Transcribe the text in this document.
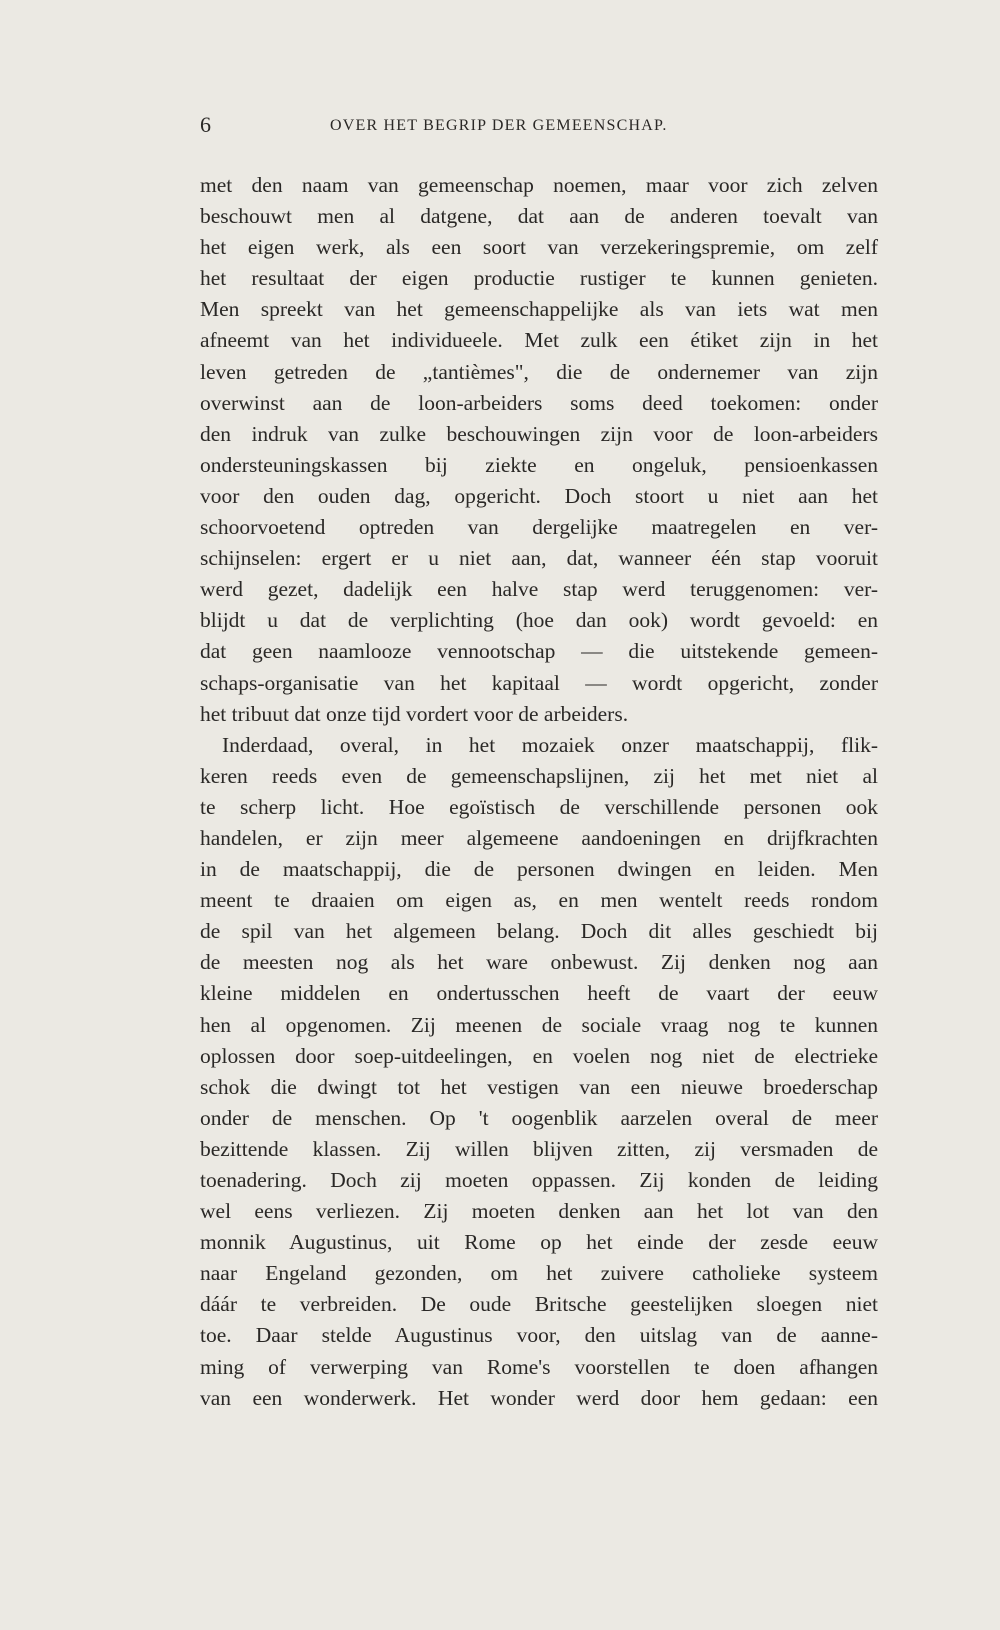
6	OVER HET BEGRIP DER GEMEENSCHAP.
met den naam van gemeenschap noemen, maar voor zich zelven
beschouwt men al datgene, dat aan de anderen toevalt van
het eigen werk, als een soort van verzekeringspremie, om zelf
het resultaat der eigen productie rustiger te kunnen genieten.
Men spreekt van het gemeenschappelijke als van iets wat men
afneemt van het individueele. Met zulk een étiket zijn in het
leven getreden de „tantièmes", die de ondernemer van zijn
overwinst aan de loon-arbeiders soms deed toekomen: onder
den indruk van zulke beschouwingen zijn voor de loon-arbeiders
ondersteuningskassen bij ziekte en ongeluk, pensioenkassen
voor den ouden dag, opgericht. Doch stoort u niet aan het
schoorvoetend optreden van dergelijke maatregelen en ver-
schijnselen: ergert er u niet aan, dat, wanneer één stap vooruit
werd gezet, dadelijk een halve stap werd teruggenomen: ver-
blijdt u dat de verplichting (hoe dan ook) wordt gevoeld: en
dat geen naamlooze vennootschap — die uitstekende gemeen-
schaps-organisatie van het kapitaal — wordt opgericht, zonder
het tribuut dat onze tijd vordert voor de arbeiders.
Inderdaad, overal, in het mozaiek onzer maatschappij, flik-
keren reeds even de gemeenschapslijnen, zij het met niet al
te scherp licht. Hoe egoïstisch de verschillende personen ook
handelen, er zijn meer algemeene aandoeningen en drijfkrachten
in de maatschappij, die de personen dwingen en leiden. Men
meent te draaien om eigen as, en men wentelt reeds rondom
de spil van het algemeen belang. Doch dit alles geschiedt bij
de meesten nog als het ware onbewust. Zij denken nog aan
kleine middelen en ondertusschen heeft de vaart der eeuw
hen al opgenomen. Zij meenen de sociale vraag nog te kunnen
oplossen door soep-uitdeelingen, en voelen nog niet de electrieke
schok die dwingt tot het vestigen van een nieuwe broederschap
onder de menschen. Op 't oogenblik aarzelen overal de meer
bezittende klassen. Zij willen blijven zitten, zij versmaden de
toenadering. Doch zij moeten oppassen. Zij konden de leiding
wel eens verliezen. Zij moeten denken aan het lot van den
monnik Augustinus, uit Rome op het einde der zesde eeuw
naar Engeland gezonden, om het zuivere catholieke systeem
dáár te verbreiden. De oude Britsche geestelijken sloegen niet
toe. Daar stelde Augustinus voor, den uitslag van de aanne-
ming of verwerping van Rome's voorstellen te doen afhangen
van een wonderwerk. Het wonder werd door hem gedaan: een
